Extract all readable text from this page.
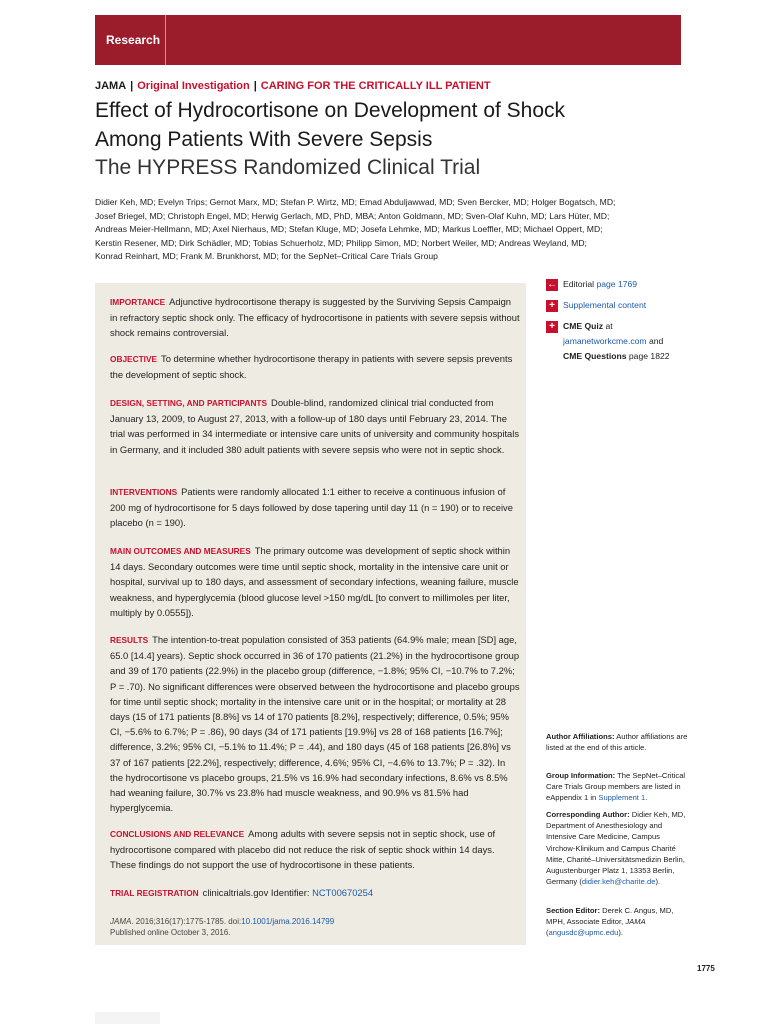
Research
JAMA | Original Investigation | CARING FOR THE CRITICALLY ILL PATIENT
Effect of Hydrocortisone on Development of Shock
Among Patients With Severe Sepsis
The HYPRESS Randomized Clinical Trial
Didier Keh, MD; Evelyn Trips; Gernot Marx, MD; Stefan P. Wirtz, MD; Emad Abduljawwad, MD; Sven Bercker, MD; Holger Bogatsch, MD;
Josef Briegel, MD; Christoph Engel, MD; Herwig Gerlach, MD, PhD, MBA; Anton Goldmann, MD; Sven-Olaf Kuhn, MD; Lars Hüter, MD;
Andreas Meier-Hellmann, MD; Axel Nierhaus, MD; Stefan Kluge, MD; Josefa Lehmke, MD; Markus Loeffler, MD; Michael Oppert, MD;
Kerstin Resener, MD; Dirk Schädler, MD; Tobias Schuerholz, MD; Philipp Simon, MD; Norbert Weiler, MD; Andreas Weyland, MD;
Konrad Reinhart, MD; Frank M. Brunkhorst, MD; for the SepNet–Critical Care Trials Group
IMPORTANCE Adjunctive hydrocortisone therapy is suggested by the Surviving Sepsis Campaign in refractory septic shock only. The efficacy of hydrocortisone in patients with severe sepsis without shock remains controversial.
OBJECTIVE To determine whether hydrocortisone therapy in patients with severe sepsis prevents the development of septic shock.
DESIGN, SETTING, AND PARTICIPANTS Double-blind, randomized clinical trial conducted from January 13, 2009, to August 27, 2013, with a follow-up of 180 days until February 23, 2014. The trial was performed in 34 intermediate or intensive care units of university and community hospitals in Germany, and it included 380 adult patients with severe sepsis who were not in septic shock.
INTERVENTIONS Patients were randomly allocated 1:1 either to receive a continuous infusion of 200 mg of hydrocortisone for 5 days followed by dose tapering until day 11 (n = 190) or to receive placebo (n = 190).
MAIN OUTCOMES AND MEASURES The primary outcome was development of septic shock within 14 days. Secondary outcomes were time until septic shock, mortality in the intensive care unit or hospital, survival up to 180 days, and assessment of secondary infections, weaning failure, muscle weakness, and hyperglycemia (blood glucose level >150 mg/dL [to convert to millimoles per liter, multiply by 0.0555]).
RESULTS The intention-to-treat population consisted of 353 patients (64.9% male; mean [SD] age, 65.0 [14.4] years). Septic shock occurred in 36 of 170 patients (21.2%) in the hydrocortisone group and 39 of 170 patients (22.9%) in the placebo group (difference, −1.8%; 95% CI, −10.7% to 7.2%; P = .70). No significant differences were observed between the hydrocortisone and placebo groups for time until septic shock; mortality in the intensive care unit or in the hospital; or mortality at 28 days (15 of 171 patients [8.8%] vs 14 of 170 patients [8.2%], respectively; difference, 0.5%; 95% CI, −5.6% to 6.7%; P = .86), 90 days (34 of 171 patients [19.9%] vs 28 of 168 patients [16.7%]; difference, 3.2%; 95% CI, −5.1% to 11.4%; P = .44), and 180 days (45 of 168 patients [26.8%] vs 37 of 167 patients [22.2%], respectively; difference, 4.6%; 95% CI, −4.6% to 13.7%; P = .32). In the hydrocortisone vs placebo groups, 21.5% vs 16.9% had secondary infections, 8.6% vs 8.5% had weaning failure, 30.7% vs 23.8% had muscle weakness, and 90.9% vs 81.5% had hyperglycemia.
CONCLUSIONS AND RELEVANCE Among adults with severe sepsis not in septic shock, use of hydrocortisone compared with placebo did not reduce the risk of septic shock within 14 days. These findings do not support the use of hydrocortisone in these patients.
TRIAL REGISTRATION clinicaltrials.gov Identifier: NCT00670254
JAMA. 2016;316(17):1775-1785. doi:10.1001/jama.2016.14799
Published online October 3, 2016.
← Editorial page 1769
+ Supplemental content
+ CME Quiz at
jamanetworkcme.com and
CME Questions page 1822
Author Affiliations: Author affiliations are listed at the end of this article.
Group Information: The SepNet–Critical Care Trials Group members are listed in eAppendix 1 in Supplement 1.
Corresponding Author: Didier Keh, MD, Department of Anesthesiology and Intensive Care Medicine, Campus Virchow-Klinikum and Campus Charité Mitte, Charité–Universitätsmedizin Berlin, Augustenburger Platz 1, 13353 Berlin, Germany (didier.keh@charite.de).
Section Editor: Derek C. Angus, MD, MPH, Associate Editor, JAMA
(angusdc@upmc.edu).
1775
